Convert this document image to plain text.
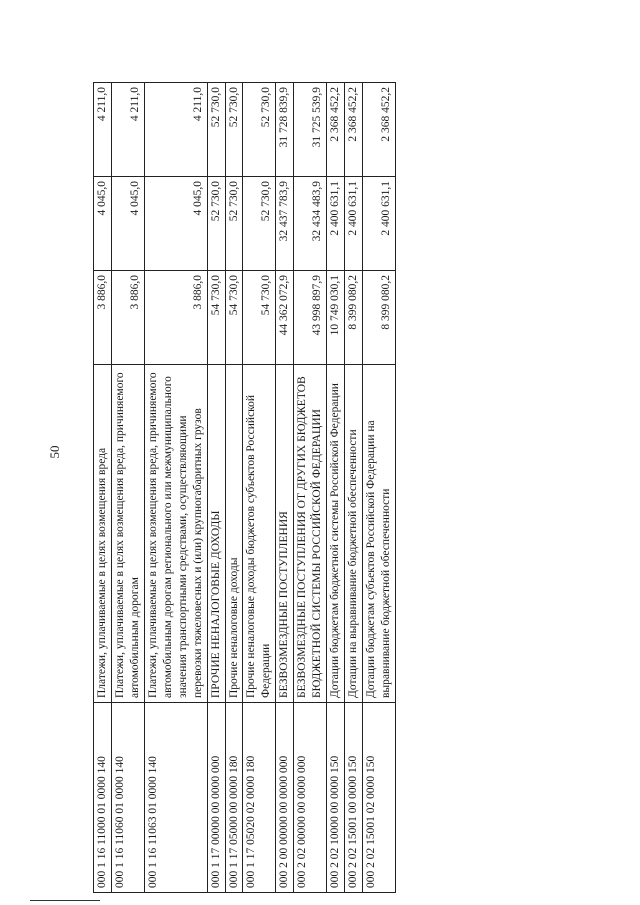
50
000 1 16 11000 01 0000 140	Платежи, уплачиваемые в целях возмещения вреда	3 886,0	4 045,0	4 211,0
000 1 16 11060 01 0000 140	Платежи, уплачиваемые в целях возмещения вреда, причиняемого автомобильным дорогам	3 886,0	4 045,0	4 211,0
000 1 16 11063 01 0000 140	Платежи, уплачиваемые в целях возмещения вреда, причиняемого автомобильным дорогам регионального или межмуниципального значения транспортными средствами, осуществляющими перевозки тяжеловесных и (или) крупногабаритных грузов	3 886,0	4 045,0	4 211,0
000 1 17 00000 00 0000 000	ПРОЧИЕ НЕНАЛОГОВЫЕ ДОХОДЫ	54 730,0	52 730,0	52 730,0
000 1 17 05000 00 0000 180	Прочие неналоговые доходы	54 730,0	52 730,0	52 730,0
000 1 17 05020 02 0000 180	Прочие неналоговые доходы бюджетов субъектов Российской Федерации	54 730,0	52 730,0	52 730,0
000 2 00 00000 00 0000 000	БЕЗВОЗМЕЗДНЫЕ ПОСТУПЛЕНИЯ	44 362 072,9	32 437 783,9	31 728 839,9
000 2 02 00000 00 0000 000	БЕЗВОЗМЕЗДНЫЕ ПОСТУПЛЕНИЯ ОТ ДРУГИХ БЮДЖЕТОВ БЮДЖЕТНОЙ СИСТЕМЫ РОССИЙСКОЙ ФЕДЕРАЦИИ	43 998 897,9	32 434 483,9	31 725 539,9
000 2 02 10000 00 0000 150	Дотации бюджетам бюджетной системы Российской Федерации	10 749 030,1	2 400 631,1	2 368 452,2
000 2 02 15001 00 0000 150	Дотации на выравнивание бюджетной обеспеченности	8 399 080,2	2 400 631,1	2 368 452,2
000 2 02 15001 02 0000 150	Дотации бюджетам субъектов Российской Федерации на выравнивание бюджетной обеспеченности	8 399 080,2	2 400 631,1	2 368 452,2
